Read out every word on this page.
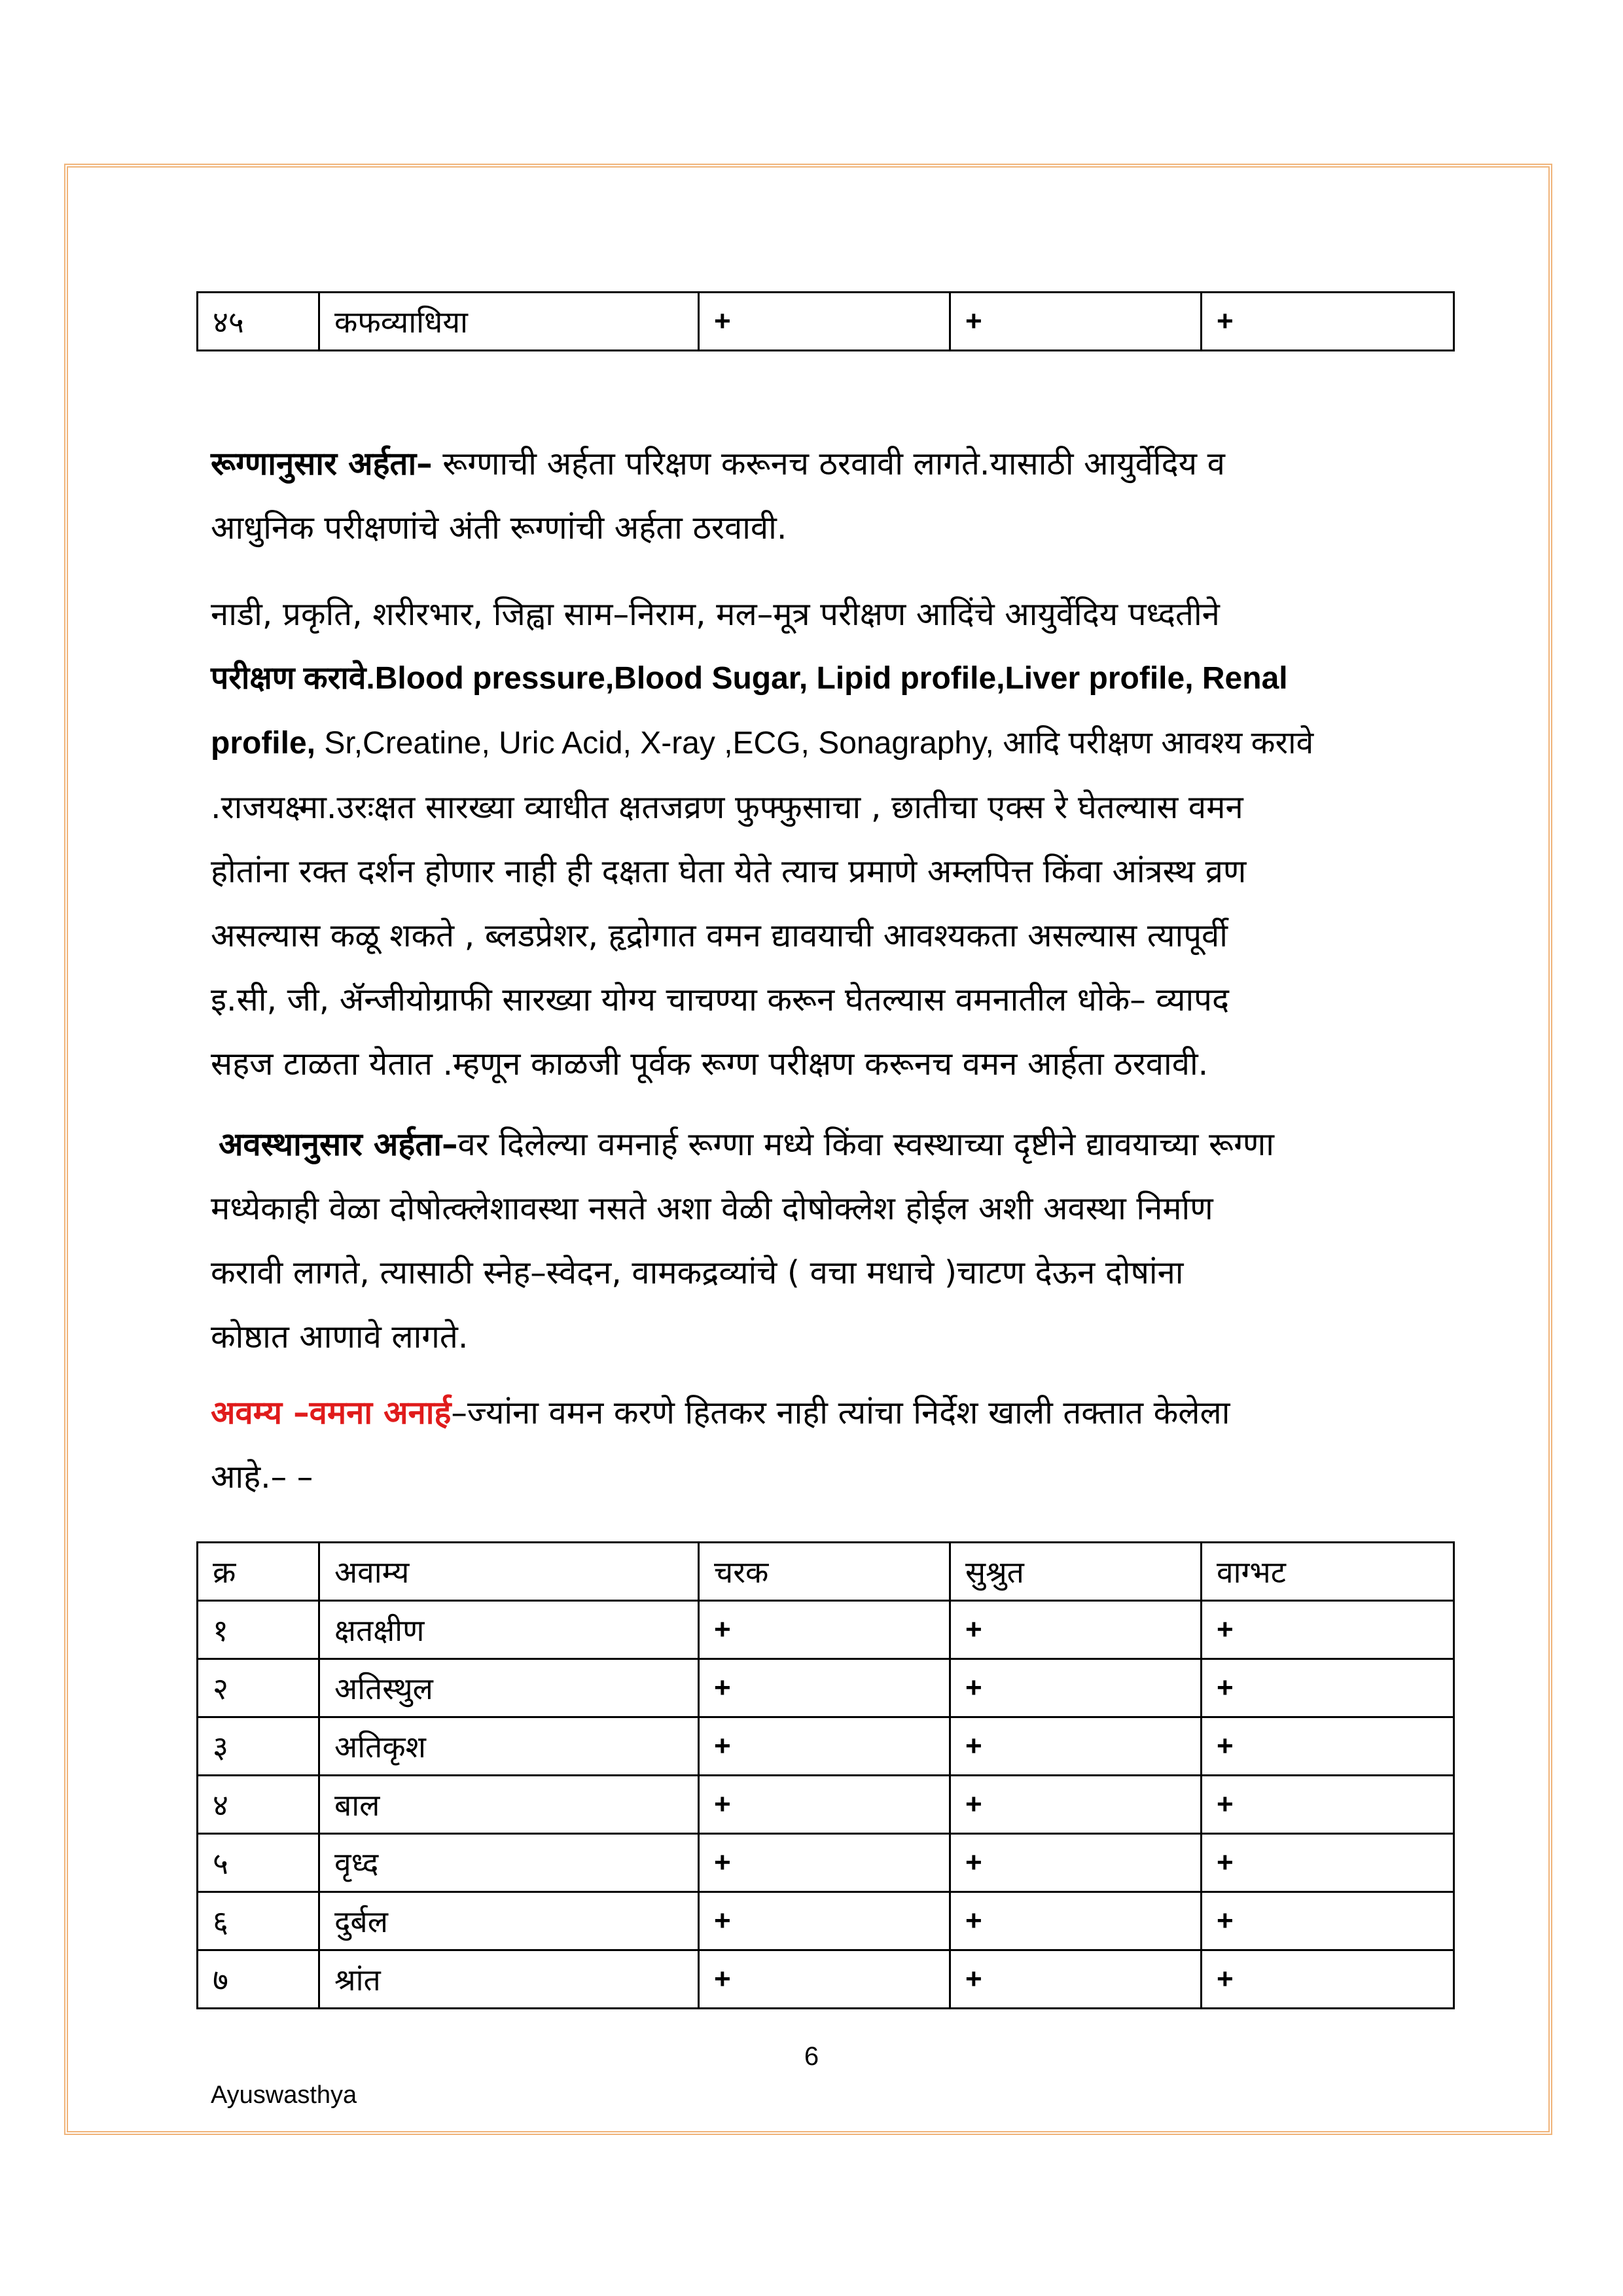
४५	कफव्याधिया	+	+	+
रूग्णानुसार अर्हता– रूग्णाची अर्हता परिक्षण करूनच ठरवावी लागते.यासाठी आयुर्वेदिय व
आधुनिक परीक्षणांचे अंती रूग्णांची अर्हता ठरवावी.
नाडी, प्रकृति, शरीरभार, जिह्वा साम–निराम, मल–मूत्र परीक्षण आदिंचे आयुर्वेदिय पध्दतीने
परीक्षण करावे.Blood pressure,Blood Sugar, Lipid profile,Liver profile, Renal
profile, Sr,Creatine, Uric Acid, X-ray ,ECG, Sonagraphy, आदि परीक्षण आवश्य करावे
.राजयक्ष्मा.उरःक्षत सारख्या व्याधीत क्षतजव्रण फुफ्फुसाचा , छातीचा एक्स रे घेतल्यास वमन
होतांना रक्त दर्शन होणार नाही ही दक्षता घेता येते त्याच प्रमाणे अम्लपित्त किंवा आंत्रस्थ व्रण
असल्यास कळू शकते , ब्लडप्रेशर, हृद्रोगात वमन द्यावयाची आवश्यकता असल्यास त्यापूर्वी
इ.सी, जी, ॲन्जीयोग्राफी सारख्या योग्य चाचण्या करून घेतल्यास वमनातील धोके– व्यापद
सहज टाळता येतात .म्हणून काळजी पूर्वक रूग्ण परीक्षण करूनच वमन आर्हता ठरवावी.
अवस्थानुसार अर्हता–वर दिलेल्या वमनार्ह रूग्णा मध्ये किंवा स्वस्थाच्या दृष्टीने द्यावयाच्या रूग्णा
मध्येकाही वेळा दोषोत्क्लेशावस्था नसते अशा वेळी दोषोक्लेश होईल अशी अवस्था निर्माण
करावी लागते, त्यासाठी स्नेह–स्वेदन, वामकद्रव्यांचे ( वचा मधाचे )चाटण देऊन दोषांना
कोष्ठात आणावे लागते.
अवम्य –वमना अनार्ह–ज्यांना वमन करणे हितकर नाही त्यांचा निर्देश खाली तक्तात केलेला
आहे.– –
क्र	अवाम्य	चरक	सुश्रुत	वाग्भट
१	क्षतक्षीण	+	+	+
२	अतिस्थुल	+	+	+
३	अतिकृश	+	+	+
४	बाल	+	+	+
५	वृध्द	+	+	+
६	दुर्बल	+	+	+
७	श्रांत	+	+	+
6
Ayuswasthya
